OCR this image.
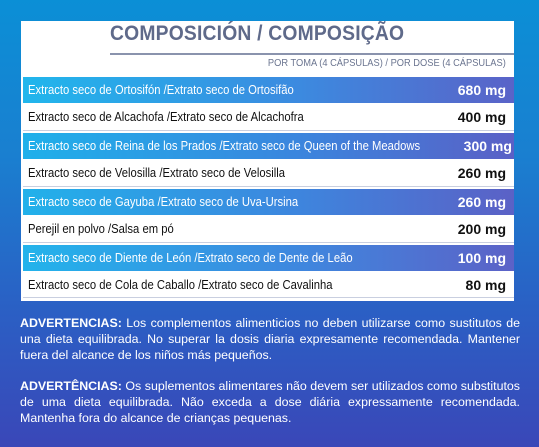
COMPOSICIÓN / COMPOSIÇÃO
POR TOMA (4 CÁPSULAS) / POR DOSE (4 CÁPSULAS)
Extracto seco de Ortosifón /Extrato seco de Ortosifão	680 mg
Extracto seco de Alcachofa /Extrato seco de Alcachofra	400 mg
Extracto seco de Reina de los Prados /Extrato seco de Queen of the Meadows	300 mg
Extracto seco de Velosilla /Extrato seco de Velosilla	260 mg
Extracto seco de Gayuba /Extrato seco de Uva-Ursina	260 mg
Perejil en polvo /Salsa em pó	200 mg
Extracto seco de Diente de León /Extrato seco de Dente de Leão	100 mg
Extracto seco de Cola de Caballo /Extrato seco de Cavalinha	80 mg

ADVERTENCIAS: Los complementos alimenticios no deben utilizarse como sustitutos de una dieta equilibrada. No superar la dosis diaria expresamente recomendada. Mantener fuera del alcance de los niños más pequeños.

ADVERTÊNCIAS: Os suplementos alimentares não devem ser utilizados como substitutos de uma dieta equilibrada. Não exceda a dose diária expressamente recomendada. Mantenha fora do alcance de crianças pequenas.
